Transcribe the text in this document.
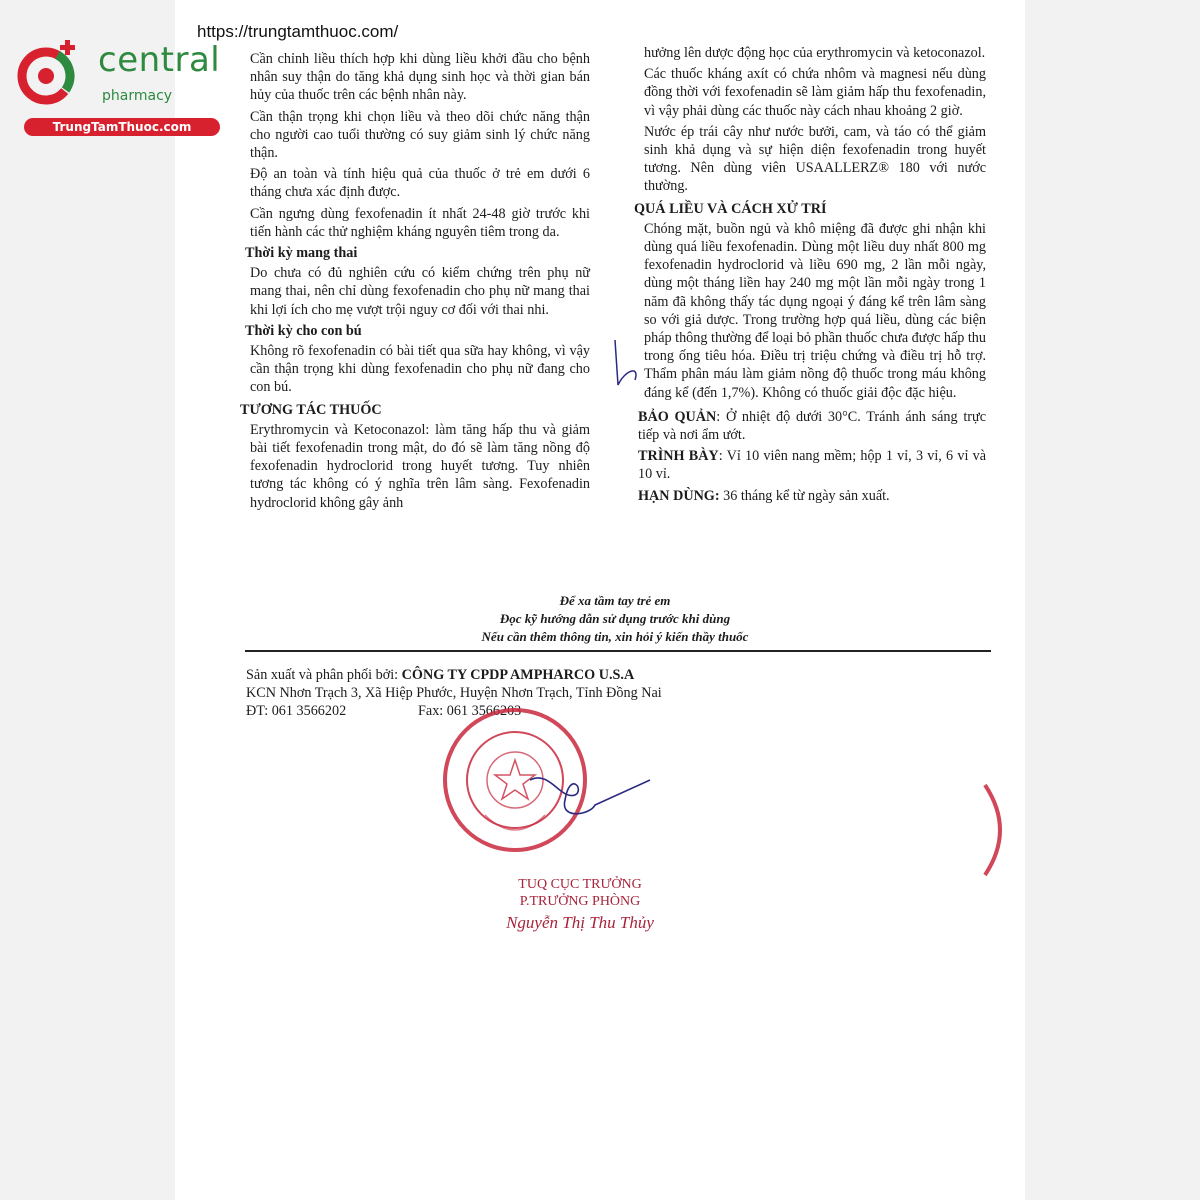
https://trungtamthuoc.com/
central
pharmacy
TrungTamThuoc.com

Cần chỉnh liều thích hợp khi dùng liều khởi đầu cho bệnh nhân suy thận do tăng khả dụng sinh học và thời gian bán hủy của thuốc trên các bệnh nhân này.

Cần thận trọng khi chọn liều và theo dõi chức năng thận cho người cao tuổi thường có suy giảm sinh lý chức năng thận.

Độ an toàn và tính hiệu quả của thuốc ở trẻ em dưới 6 tháng chưa xác định được.

Cần ngưng dùng fexofenadin ít nhất 24-48 giờ trước khi tiến hành các thử nghiệm kháng nguyên tiêm trong da.

Thời kỳ mang thai

Do chưa có đủ nghiên cứu có kiểm chứng trên phụ nữ mang thai, nên chỉ dùng fexofenadin cho phụ nữ mang thai khi lợi ích cho mẹ vượt trội nguy cơ đối với thai nhi.

Thời kỳ cho con bú

Không rõ fexofenadin có bài tiết qua sữa hay không, vì vậy cần thận trọng khi dùng fexofenadin cho phụ nữ đang cho con bú.

TƯƠNG TÁC THUỐC

Erythromycin và Ketoconazol: làm tăng hấp thu và giảm bài tiết fexofenadin trong mật, do đó sẽ làm tăng nồng độ fexofenadin hydroclorid trong huyết tương. Tuy nhiên tương tác không có ý nghĩa trên lâm sàng. Fexofenadin hydroclorid không gây ảnh

hưởng lên dược động học của erythromycin và ketoconazol.

Các thuốc kháng axít có chứa nhôm và magnesi nếu dùng đồng thời với fexofenadin sẽ làm giảm hấp thu fexofenadin, vì vậy phải dùng các thuốc này cách nhau khoảng 2 giờ.

Nước ép trái cây như nước bưởi, cam, và táo có thể giảm sinh khả dụng và sự hiện diện fexofenadin trong huyết tương. Nên dùng viên USAALLERZ® 180 với nước thường.

QUÁ LIỀU VÀ CÁCH XỬ TRÍ

Chóng mặt, buồn ngủ và khô miệng đã được ghi nhận khi dùng quá liều fexofenadin. Dùng một liều duy nhất 800 mg fexofenadin hydroclorid và liều 690 mg, 2 lần mỗi ngày, dùng một tháng liền hay 240 mg một lần mỗi ngày trong 1 năm đã không thấy tác dụng ngoại ý đáng kể trên lâm sàng so với giả dược. Trong trường hợp quá liều, dùng các biện pháp thông thường để loại bỏ phần thuốc chưa được hấp thu trong ống tiêu hóa. Điều trị triệu chứng và điều trị hỗ trợ. Thẩm phân máu làm giảm nồng độ thuốc trong máu không đáng kể (đến 1,7%). Không có thuốc giải độc đặc hiệu.

BẢO QUẢN: Ở nhiệt độ dưới 30°C. Tránh ánh sáng trực tiếp và nơi ẩm ướt.

TRÌNH BÀY: Vỉ 10 viên nang mềm; hộp 1 vỉ, 3 vỉ, 6 vỉ và 10 vỉ.

HẠN DÙNG: 36 tháng kể từ ngày sản xuất.

Để xa tầm tay trẻ em
Đọc kỹ hướng dẫn sử dụng trước khi dùng
Nếu cần thêm thông tin, xin hỏi ý kiến thầy thuốc
Sản xuất và phân phối bởi: CÔNG TY CPDP AMPHARCO U.S.A
KCN Nhơn Trạch 3, Xã Hiệp Phước, Huyện Nhơn Trạch, Tỉnh Đồng Nai
ĐT: 061 3566202	Fax: 061 3566203
TUQ CỤC TRƯỞNG
P.TRƯỞNG PHÒNG
Nguyễn Thị Thu Thủy
